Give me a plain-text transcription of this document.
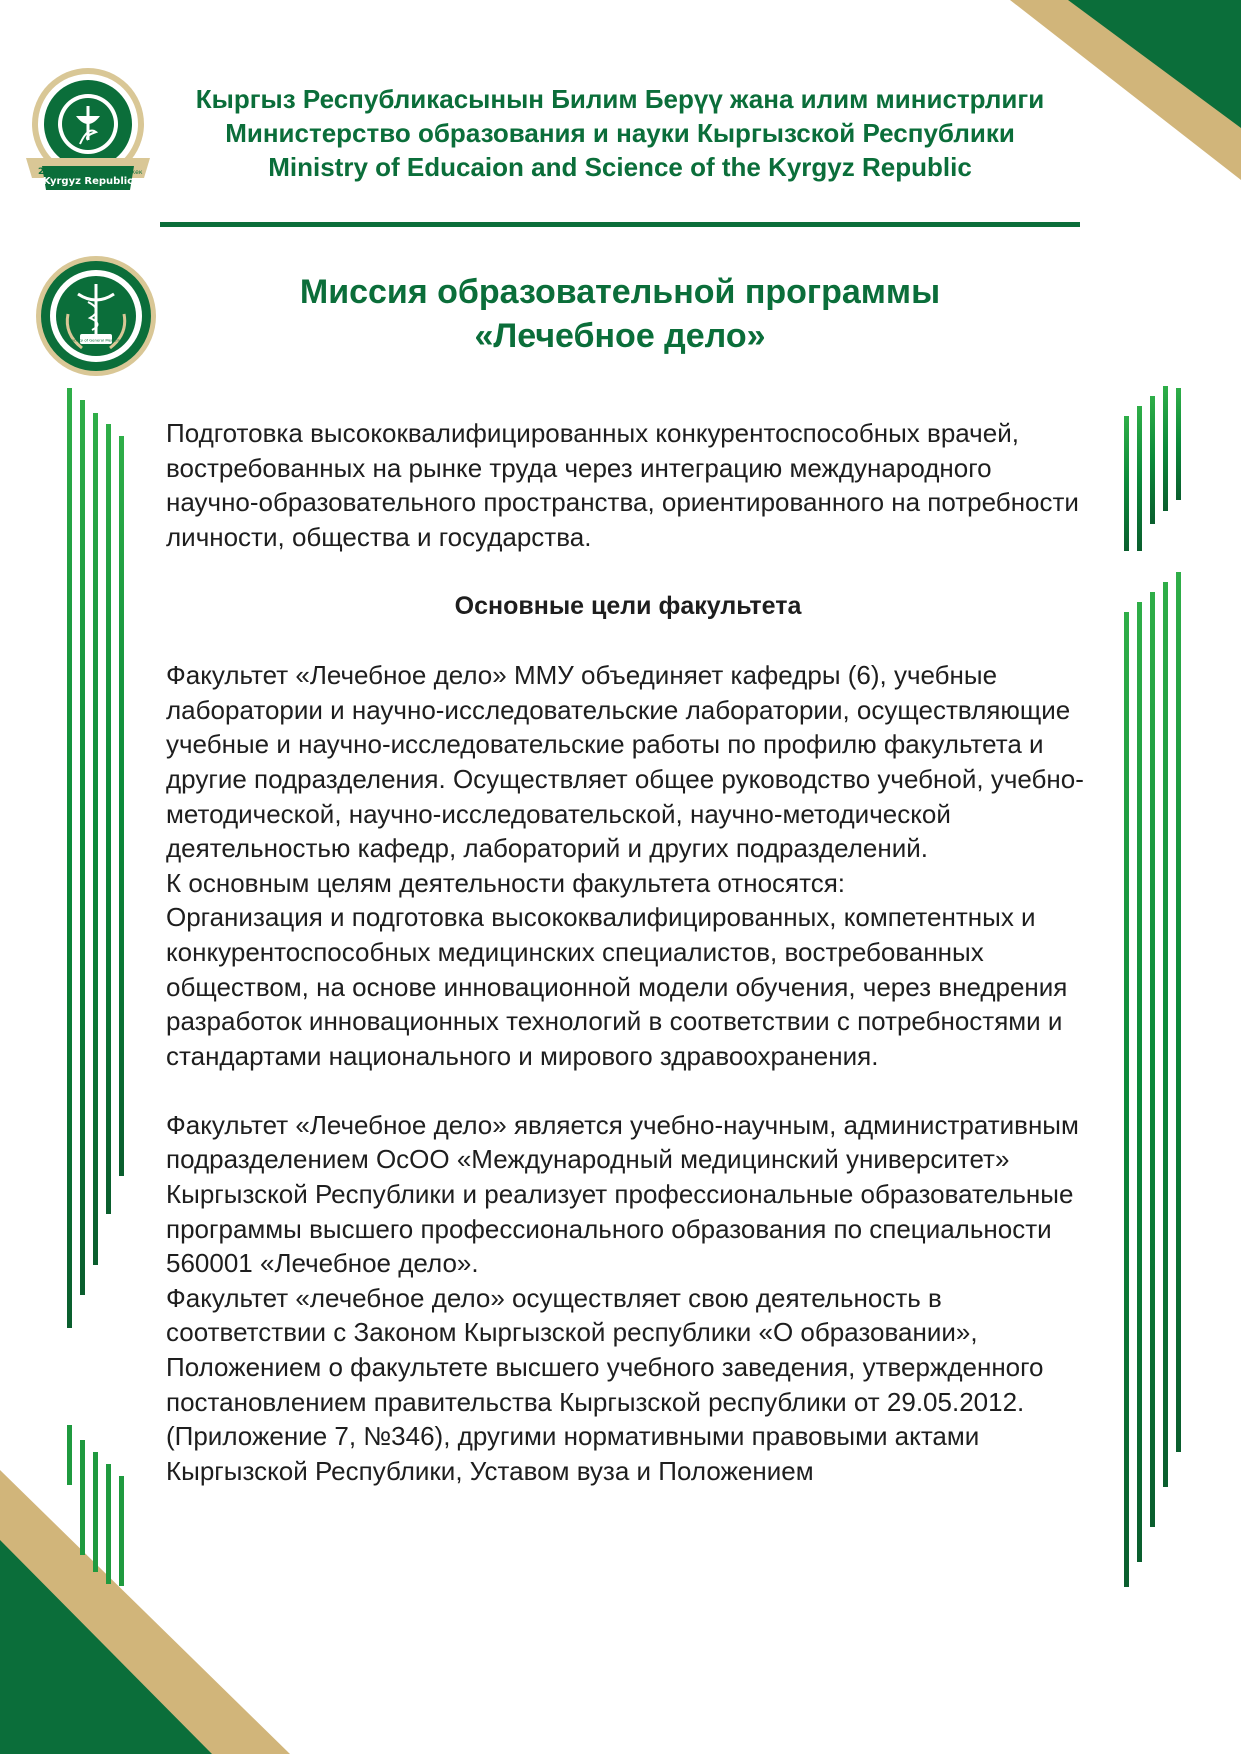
2016
Kyrgyz Republic
Бишкек
Faculty of General Medicine
Кыргыз Республикасынын Билим Берүү жана илим министрлиги
Министерство образования и науки Кыргызской Республики
Ministry of Educaion and Science of the Kyrgyz Republic
Миссия образовательной программы
«Лечебное дело»

Подготовка высококвалифицированных конкурентоспособных врачей, востребованных на рынке труда через интеграцию международного научно-образовательного пространства, ориентированного на потребности личности, общества и государства.

Основные цели факультета

Факультет «Лечебное дело» ММУ объединяет кафедры (6), учебные лаборатории и научно-исследовательские лаборатории, осуществляющие учебные и научно-исследовательские работы по профилю факультета и другие подразделения. Осуществляет общее руководство учебной, учебно-методической, научно-исследовательской, научно-методической деятельностью кафедр, лабораторий и других подразделений.

К основным целям деятельности факультета относятся:

Организация и подготовка высококвалифицированных, компетентных и конкурентоспособных медицинских специалистов, востребованных обществом, на основе инновационной модели обучения, через внедрения разработок инновационных технологий в соответствии с потребностями и стандартами национального и мирового здравоохранения.

Факультет «Лечебное дело» является учебно-научным, административным подразделением ОсОО «Международный медицинский университет» Кыргызской Республики и реализует профессиональные образовательные программы высшего профессионального образования по специальности 560001 «Лечебное дело».

Факультет «лечебное дело» осуществляет свою деятельность в соответствии с Законом Кыргызской республики «О образовании», Положением о факультете высшего учебного заведения, утвержденного постановлением правительства Кыргызской республики от 29.05.2012. (Приложение 7, №346), другими нормативными правовыми актами Кыргызской Республики, Уставом вуза и Положением
